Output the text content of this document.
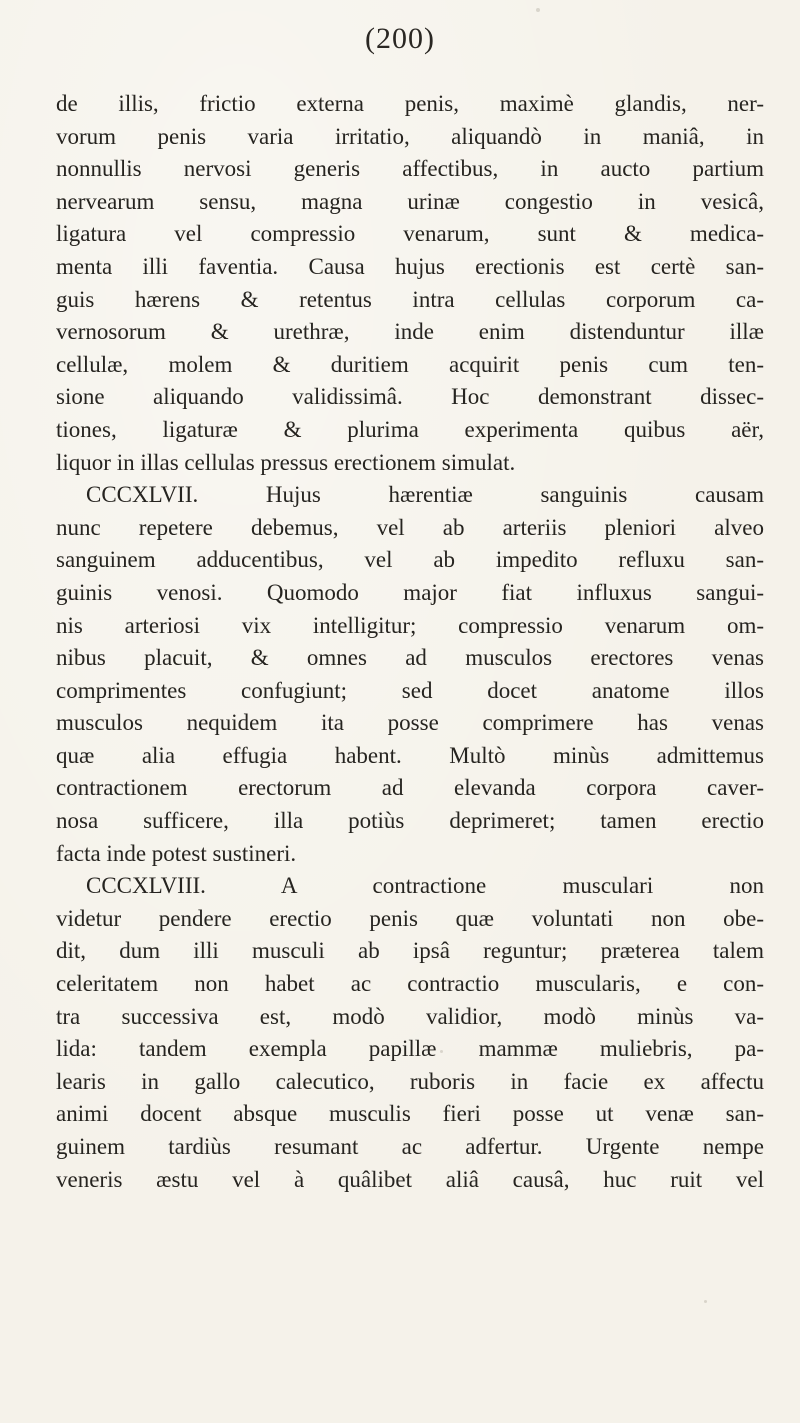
(200)
de illis, frictio externa penis, maximè glandis, ner-
vorum penis varia irritatio, aliquandò in maniâ, in
nonnullis nervosi generis affectibus, in aucto partium
nervearum sensu, magna urinæ congestio in vesicâ,
ligatura vel compressio venarum, sunt & medica-
menta illi faventia. Causa hujus erectionis est certè san-
guis hærens & retentus intra cellulas corporum ca-
vernosorum & urethræ, inde enim distenduntur illæ
cellulæ, molem & duritiem acquirit penis cum ten-
sione aliquando validissimâ. Hoc demonstrant dissec-
tiones, ligaturæ & plurima experimenta quibus aër,
liquor in illas cellulas pressus erectionem simulat.
CCCXLVII. Hujus hærentiæ sanguinis causam
nunc repetere debemus, vel ab arteriis pleniori alveo
sanguinem adducentibus, vel ab impedito refluxu san-
guinis venosi. Quomodo major fiat influxus sangui-
nis arteriosi vix intelligitur; compressio venarum om-
nibus placuit, & omnes ad musculos erectores venas
comprimentes confugiunt; sed docet anatome illos
musculos nequidem ita posse comprimere has venas
quæ alia effugia habent. Multò minùs admittemus
contractionem erectorum ad elevanda corpora caver-
nosa sufficere, illa potiùs deprimeret; tamen erectio
facta inde potest sustineri.
CCCXLVIII. A contractione musculari non
videtur pendere erectio penis quæ voluntati non obe-
dit, dum illi musculi ab ipsâ reguntur; præterea talem
celeritatem non habet ac contractio muscularis, e con-
tra successiva est, modò validior, modò minùs va-
lida: tandem exempla papillæ mammæ muliebris, pa-
learis in gallo calecutico, ruboris in facie ex affectu
animi docent absque musculis fieri posse ut venæ san-
guinem tardiùs resumant ac adfertur. Urgente nempe
veneris æstu vel à quâlibet aliâ causâ, huc ruit vel
